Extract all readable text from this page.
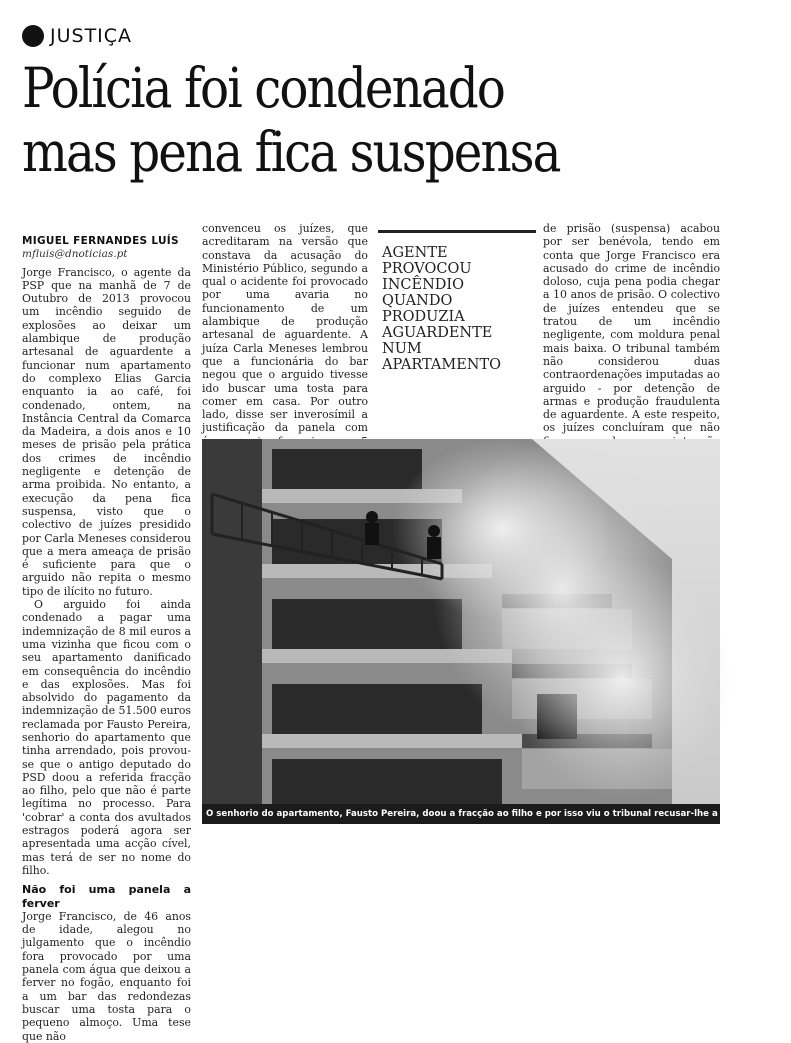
JUSTIÇA
Polícia foi condenado
mas pena fica suspensa
MIGUEL FERNANDES LUÍS
mfluis@dnoticias.pt

Jorge Francisco, o agente da PSP que na manhã de 7 de Outubro de 2013 provocou um incêndio seguido de explosões ao deixar um alambique de produção artesanal de aguardente a funcionar num apartamento do complexo Elias Garcia enquanto ia ao café, foi condenado, ontem, na Instância Central da Comarca da Madeira, a dois anos e 10 meses de prisão pela prática dos crimes de incêndio negligente e detenção de arma proibida. No entanto, a execução da pena fica suspensa, visto que o colectivo de juízes presidido por Carla Meneses considerou que a mera ameaça de prisão é suficiente para que o arguido não repita o mesmo tipo de ilícito no futuro.

O arguido foi ainda condenado a pagar uma indemnização de 8 mil euros a uma vizinha que ficou com o seu apartamento danificado em consequência do incêndio e das explosões. Mas foi absolvido do pagamento da indemnização de 51.500 euros reclamada por Fausto Pereira, senhorio do apartamento que tinha arrendado, pois provou-se que o antigo deputado do PSD doou a referida fracção ao filho, pelo que não é parte legítima no processo. Para 'cobrar' a conta dos avultados estragos poderá agora ser apresentada uma acção cível, mas terá de ser no nome do filho.

Não foi uma panela a ferver

Jorge Francisco, de 46 anos de idade, alegou no julgamento que o incêndio fora provocado por uma panela com água que deixou a ferver no fogão, enquanto foi a um bar das redondezas buscar uma tosta para o pequeno almoço. Uma tese que não

convenceu os juízes, que acreditaram na versão que constava da acusação do Ministério Público, segundo a qual o acidente foi provocado por uma avaria no funcionamento de um alambique de produção artesanal de aguardente. A juíza Carla Meneses lembrou que a funcionária do bar negou que o arguido tivesse ido buscar uma tosta para comer em casa. Por outro lado, disse ser inverosímil a justificação da panela com

AGENTE PROVOCOU INCÊNDIO QUANDO PRODUZIA AGUARDENTE NUM APARTAMENTO

de prisão (suspensa) acabou por ser benévola, tendo em conta que Jorge Francisco era acusado do crime de incêndio doloso, cuja pena podia chegar a 10 anos de prisão. O colectivo de juízes entendeu que se tratou de um incêndio negligente, com moldura penal mais baixa. O tribunal também não considerou duas contraordenações imputadas ao arguido - por detenção de armas e produção fraudulenta de aguardente. A este respeito, os juízes concluíram que não

O senhorio do apartamento, Fausto Pereira, doou a fracção ao filho e por isso viu o tribunal recusar-lhe a indemnização.
